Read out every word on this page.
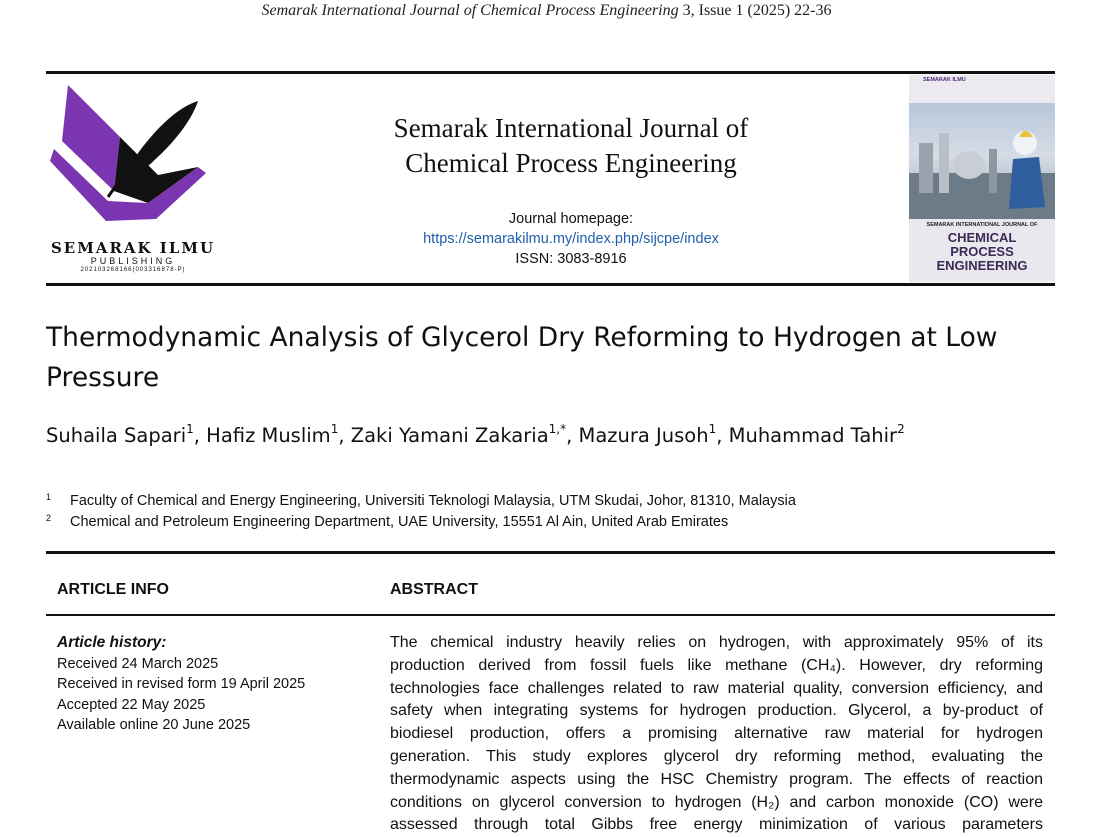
Semarak International Journal of Chemical Process Engineering 3, Issue 1 (2025) 22-36
SEMARAK ILMU
PUBLISHING
202103268166(003316878-P)
Semarak International Journal of
Chemical Process Engineering
Journal homepage:
https://semarakilmu.my/index.php/sijcpe/index
ISSN: 3083-8916
SEMARAK ILMU
SEMARAK INTERNATIONAL JOURNAL OF
CHEMICAL
PROCESS
ENGINEERING
Thermodynamic Analysis of Glycerol Dry Reforming to Hydrogen at Low
Pressure
Suhaila Sapari$^1$, Hafiz Muslim$^1$, Zaki Yamani Zakaria$^{1,*}$, Mazura Jusoh$^1$, Muhammad Tahir$^2$
1 Faculty of Chemical and Energy Engineering, Universiti Teknologi Malaysia, UTM Skudai, Johor, 81310, Malaysia
2 Chemical and Petroleum Engineering Department, UAE University, 15551 Al Ain, United Arab Emirates
ARTICLE INFO	ABSTRACT
Article history:
Received 24 March 2025
Received in revised form 19 April 2025
Accepted 22 May 2025
Available online 20 June 2025
The chemical industry heavily relies on hydrogen, with approximately 95% of its
production derived from fossil fuels like methane (CH₄). However, dry reforming
technologies face challenges related to raw material quality, conversion efficiency, and
safety when integrating systems for hydrogen production. Glycerol, a by-product of
biodiesel production, offers a promising alternative raw material for hydrogen
generation. This study explores glycerol dry reforming method, evaluating the
thermodynamic aspects using the HSC Chemistry program. The effects of reaction
conditions on glycerol conversion to hydrogen (H₂) and carbon monoxide (CO) were
assessed through total Gibbs free energy minimization of various parameters
